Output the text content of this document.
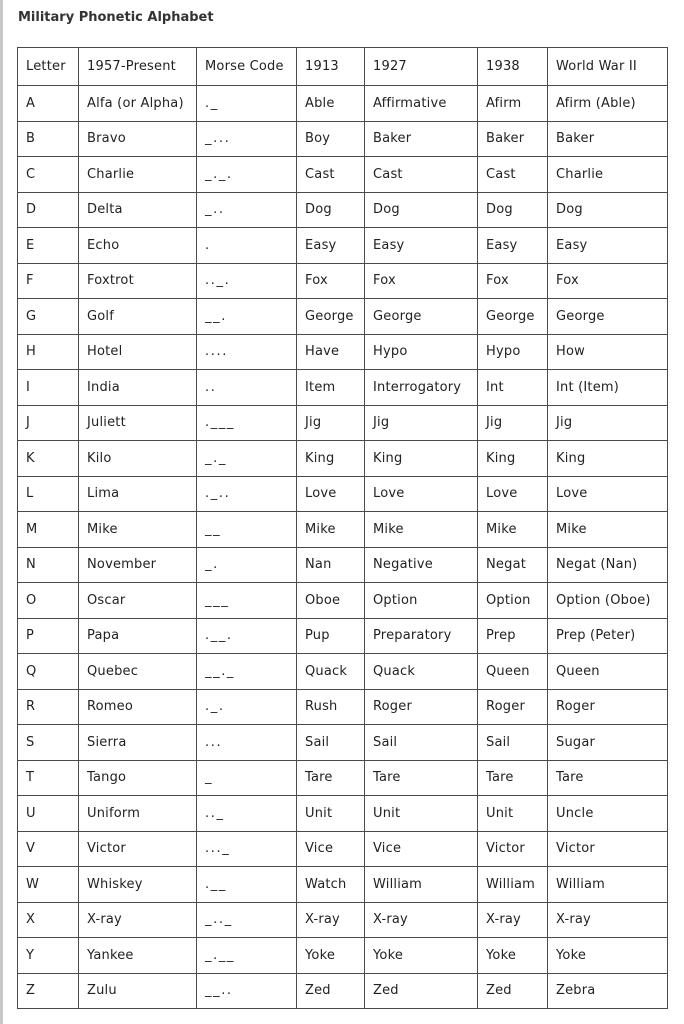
Military Phonetic Alphabet
Letter	1957-Present	Morse Code	1913	1927	1938	World War II
A	Alfa (or Alpha)	._	Able	Affirmative	Afirm	Afirm (Able)
B	Bravo	_...	Boy	Baker	Baker	Baker
C	Charlie	_._.	Cast	Cast	Cast	Charlie
D	Delta	_..	Dog	Dog	Dog	Dog
E	Echo	.	Easy	Easy	Easy	Easy
F	Foxtrot	.._.	Fox	Fox	Fox	Fox
G	Golf	__.	George	George	George	George
H	Hotel	....	Have	Hypo	Hypo	How
I	India	..	Item	Interrogatory	Int	Int (Item)
J	Juliett	.___	Jig	Jig	Jig	Jig
K	Kilo	_._	King	King	King	King
L	Lima	._..	Love	Love	Love	Love
M	Mike	__	Mike	Mike	Mike	Mike
N	November	_.	Nan	Negative	Negat	Negat (Nan)
O	Oscar	___	Oboe	Option	Option	Option (Oboe)
P	Papa	.__.	Pup	Preparatory	Prep	Prep (Peter)
Q	Quebec	__._	Quack	Quack	Queen	Queen
R	Romeo	._.	Rush	Roger	Roger	Roger
S	Sierra	...	Sail	Sail	Sail	Sugar
T	Tango	_	Tare	Tare	Tare	Tare
U	Uniform	.._	Unit	Unit	Unit	Uncle
V	Victor	..._	Vice	Vice	Victor	Victor
W	Whiskey	.__	Watch	William	William	William
X	X-ray	_.._	X-ray	X-ray	X-ray	X-ray
Y	Yankee	_.__	Yoke	Yoke	Yoke	Yoke
Z	Zulu	__..	Zed	Zed	Zed	Zebra
